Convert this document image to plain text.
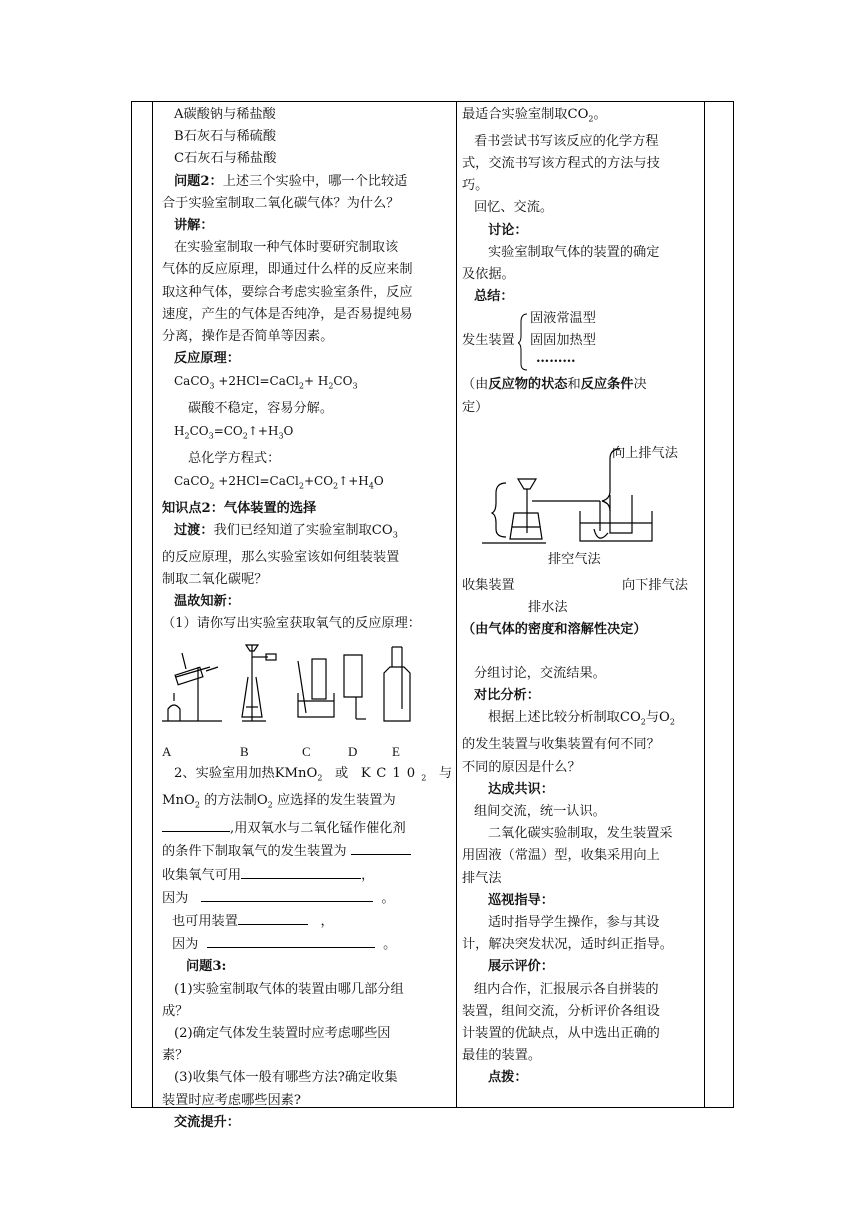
A碳酸钠与稀盐酸
B石灰石与稀硫酸
C石灰石与稀盐酸
问题2：上述三个实验中，哪一个比较适
合于实验室制取二氧化碳气体？为什么？
讲解：
在实验室制取一种气体时要研究制取该
气体的反应原理，即通过什么样的反应来制
取这种气体，要综合考虑实验室条件，反应
速度，产生的气体是否纯净，是否易提纯易
分离，操作是否简单等因素。
反应原理：
CaCO$_3$ +2HCl=CaCl$_2$+ $H_2CO_3$
碳酸不稳定，容易分解。
$H_2CO_3=CO_2↑+H_3O$
总化学方程式：
CaCO$_2$ $+2HCl=CaCl_2+CO_2↑+H_4O$
知识点2：气体装置的选择
过渡：我们已经知道了实验室制取$CO_3$
的反应原理，那么实验室该如何组装装置
制取二氧化碳呢？
温故知新：
（1）请你写出实验室获取氧气的反应原理：
A	B	C	D	E
2、实验室用加热KMnO$_2$ 或 $KC10_2$ 与
MnO$_2$ 的方法制$O_2$ 应选择的发生装置为
,用双氧水与二氧化锰作催化剂
的条件下制取氧气的发生装置为
收集氧气可用	，
因为	。
也可用装置	，
因为	。
问题3:
(1)实验室制取气体的装置由哪几部分组
成？
(2)确定气体发生装置时应考虑哪些因
素？
(3)收集气体一般有哪些方法?确定收集
装置时应考虑哪些因素?
交流提升：
最适合实验室制取$CO_2$。
看书尝试书写该反应的化学方程
式，交流书写该方程式的方法与技
巧。
回忆、交流。
讨论：
实验室制取气体的装置的确定
及依据。
总结：
发生装置
固液常温型
固固加热型
………
（由反应物的状态和反应条件决
定）
向上排气法
排空气法
收集装置	向下排气法
排水法
（由气体的密度和溶解性决定）
分组讨论，交流结果。
对比分析：
根据上述比较分析制取$CO_2$与$O_2$
的发生装置与收集装置有何不同？
不同的原因是什么？
达成共识：
组间交流，统一认识。
二氧化碳实验制取，发生装置采
用固液（常温）型，收集采用向上
排气法
巡视指导：
适时指导学生操作，参与其设
计，解决突发状况，适时纠正指导。
展示评价：
组内合作，汇报展示各自拼装的
装置，组间交流，分析评价各组设
计装置的优缺点，从中选出正确的
最佳的装置。
点拨：
